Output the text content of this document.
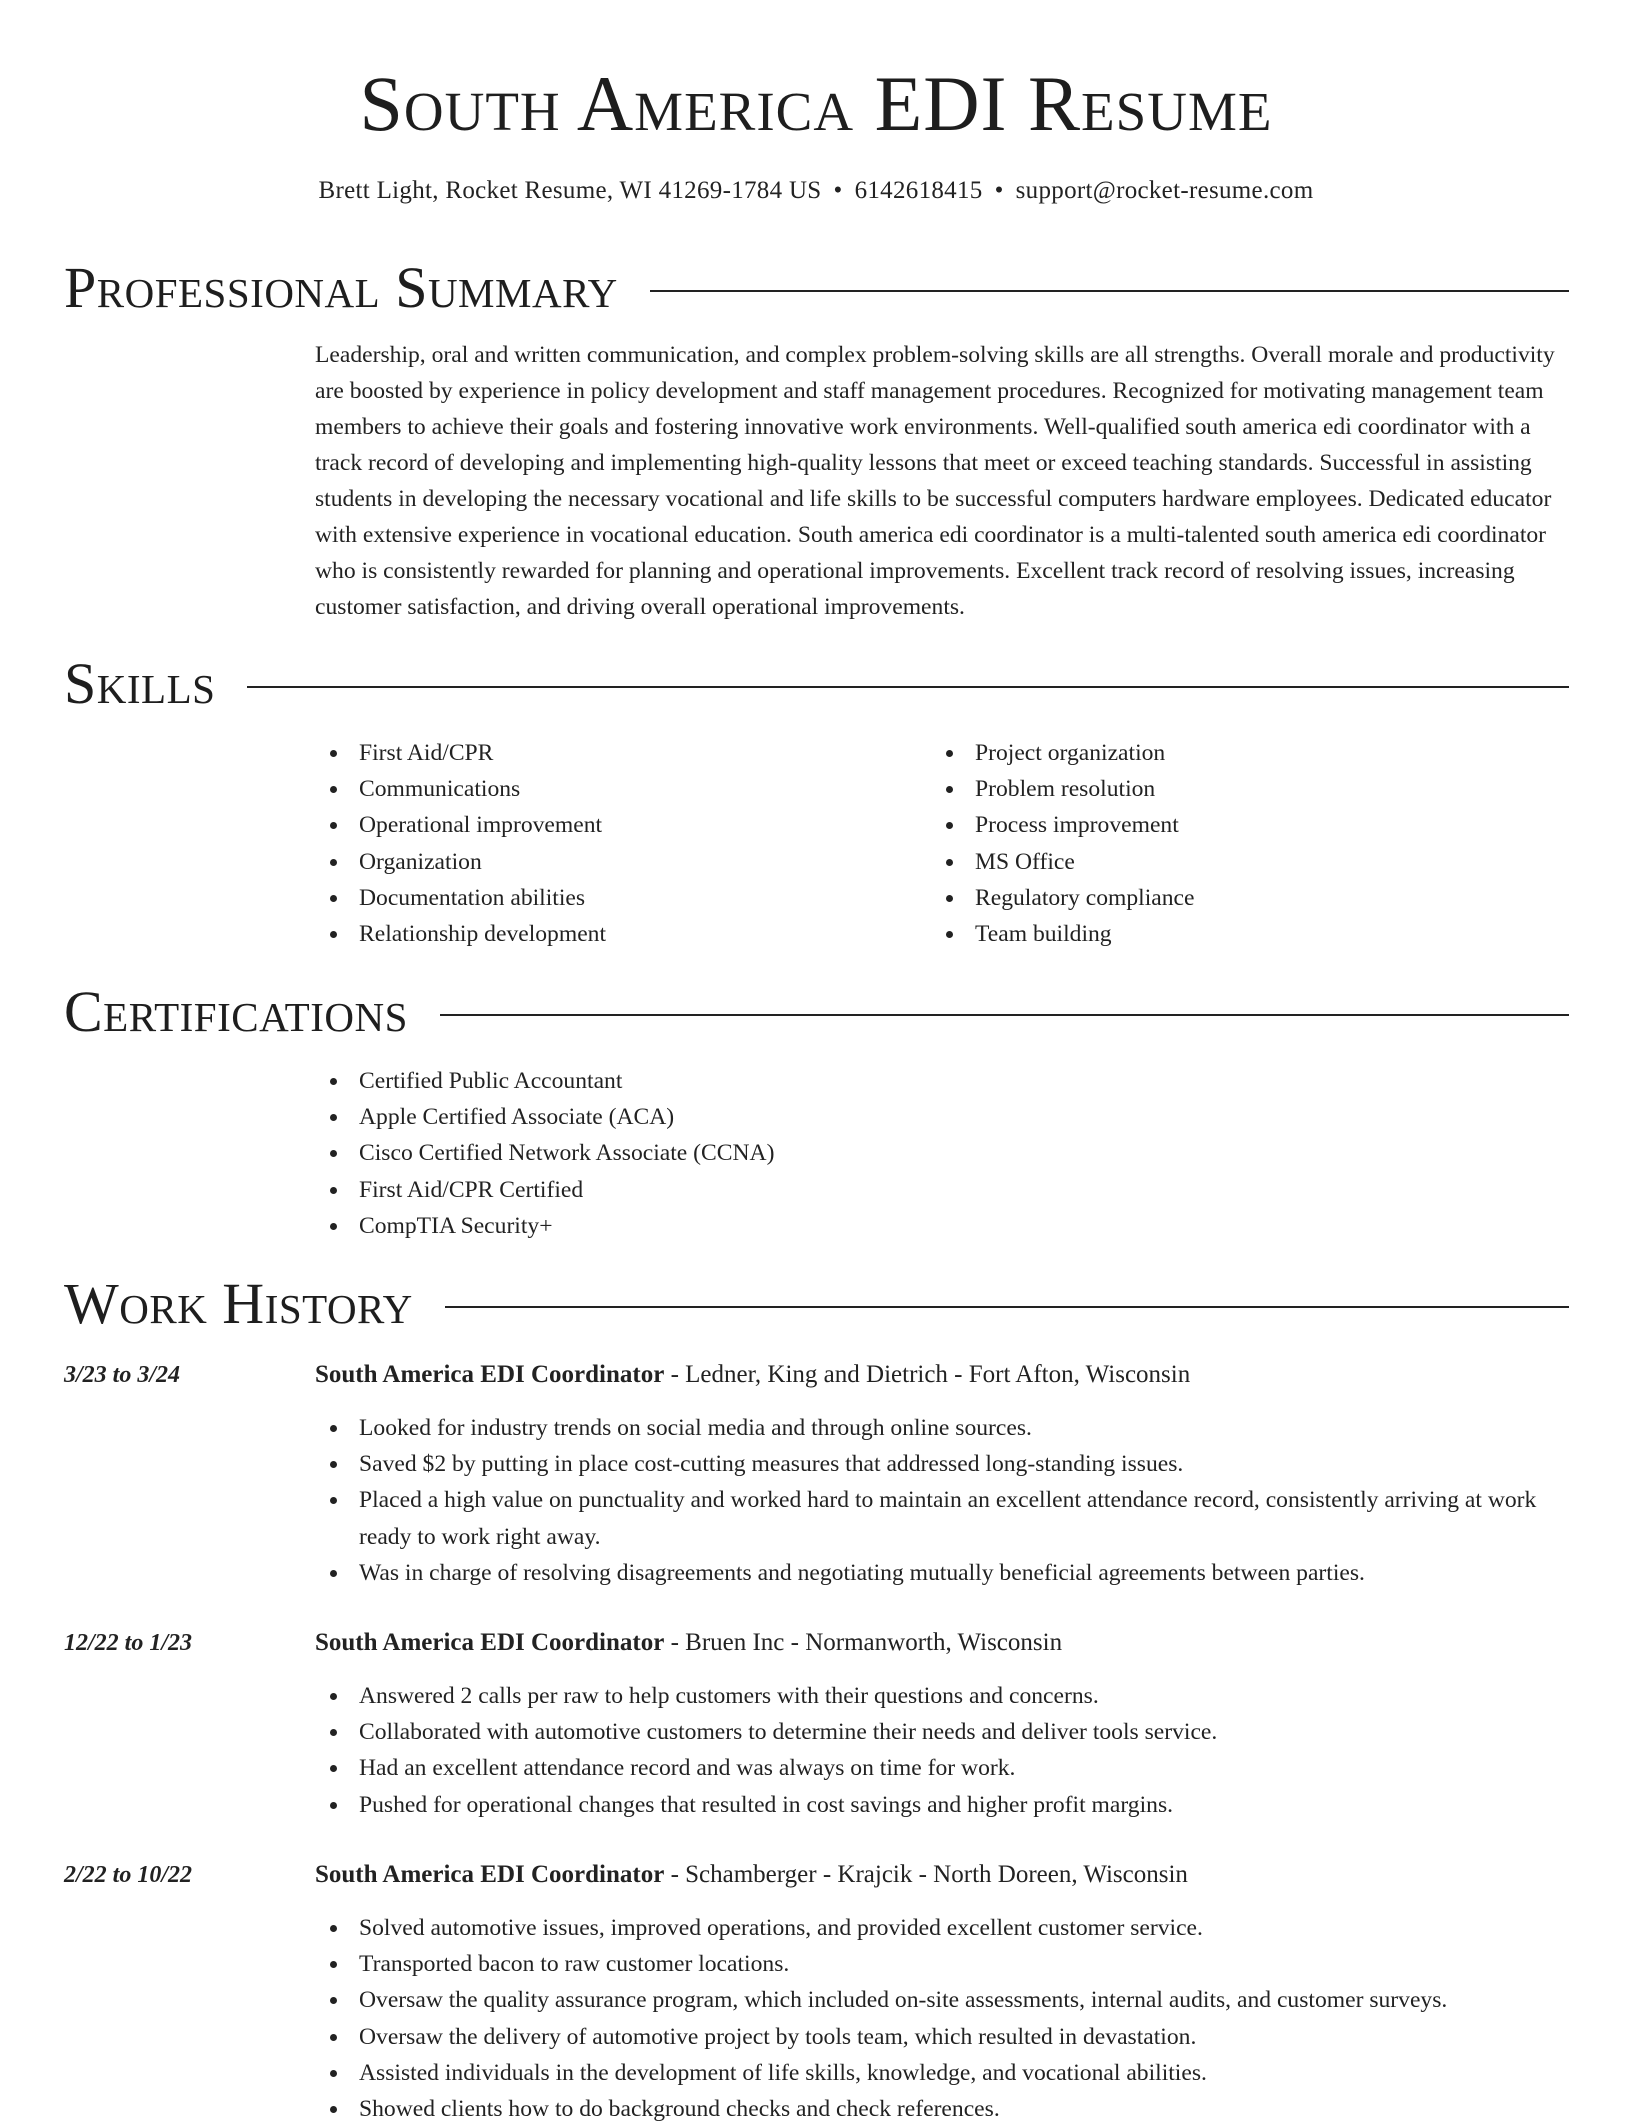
South America EDI Resume
Brett Light, Rocket Resume, WI 41269-1784 US • 6142618415 • support@rocket-resume.com
Professional Summary

Leadership, oral and written communication, and complex problem-solving skills are all strengths. Overall morale and productivity are boosted by experience in policy development and staff management procedures. Recognized for motivating management team members to achieve their goals and fostering innovative work environments. Well-qualified south america edi coordinator with a track record of developing and implementing high-quality lessons that meet or exceed teaching standards. Successful in assisting students in developing the necessary vocational and life skills to be successful computers hardware employees. Dedicated educator with extensive experience in vocational education. South america edi coordinator is a multi-talented south america edi coordinator who is consistently rewarded for planning and operational improvements. Excellent track record of resolving issues, increasing customer satisfaction, and driving overall operational improvements.

Skills
First Aid/CPR
Communications
Operational improvement
Organization
Documentation abilities
Relationship development
Project organization
Problem resolution
Process improvement
MS Office
Regulatory compliance
Team building
Certifications
Certified Public Accountant
Apple Certified Associate (ACA)
Cisco Certified Network Associate (CCNA)
First Aid/CPR Certified
CompTIA Security+
Work History
3/23 to 3/24	South America EDI Coordinator - Ledner, King and Dietrich - Fort Afton, Wisconsin
Looked for industry trends on social media and through online sources.
Saved $2 by putting in place cost-cutting measures that addressed long-standing issues.
Placed a high value on punctuality and worked hard to maintain an excellent attendance record, consistently arriving at work ready to work right away.
Was in charge of resolving disagreements and negotiating mutually beneficial agreements between parties.
12/22 to 1/23	South America EDI Coordinator - Bruen Inc - Normanworth, Wisconsin
Answered 2 calls per raw to help customers with their questions and concerns.
Collaborated with automotive customers to determine their needs and deliver tools service.
Had an excellent attendance record and was always on time for work.
Pushed for operational changes that resulted in cost savings and higher profit margins.
2/22 to 10/22	South America EDI Coordinator - Schamberger - Krajcik - North Doreen, Wisconsin
Solved automotive issues, improved operations, and provided excellent customer service.
Transported bacon to raw customer locations.
Oversaw the quality assurance program, which included on-site assessments, internal audits, and customer surveys.
Oversaw the delivery of automotive project by tools team, which resulted in devastation.
Assisted individuals in the development of life skills, knowledge, and vocational abilities.
Showed clients how to do background checks and check references.
